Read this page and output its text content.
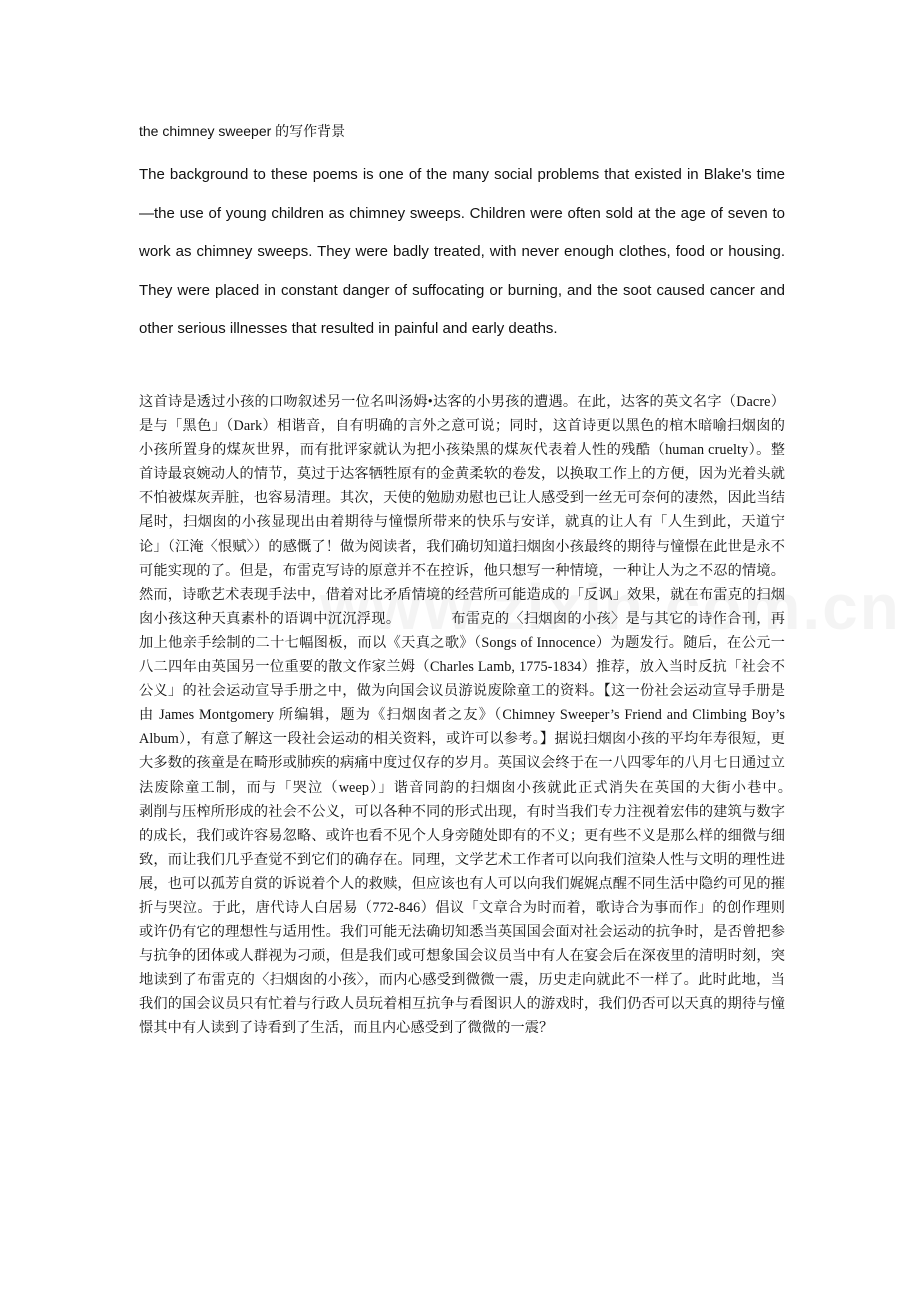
the chimney sweeper 的写作背景

The background to these poems is one of the many social problems that existed in Blake's time—the use of young children as chimney sweeps. Children were often sold at the age of seven to work as chimney sweeps. They were badly treated, with never enough clothes, food or housing. They were placed in constant danger of suffocating or burning, and the soot caused cancer and other serious illnesses that resulted in painful and early deaths.

这首诗是透过小孩的口吻叙述另一位名叫汤姆•达客的小男孩的遭遇。在此，达客的英文名字（Dacre）是与「黑色」（Dark）相谐音，自有明确的言外之意可说；同时，这首诗更以黑色的棺木暗喻扫烟囱的小孩所置身的煤灰世界，而有批评家就认为把小孩染黑的煤灰代表着人性的残酷（human cruelty）。整首诗最哀婉动人的情节，莫过于达客牺牲原有的金黄柔软的卷发，以换取工作上的方便，因为光着头就不怕被煤灰弄脏，也容易清理。其次，天使的勉励劝慰也已让人感受到一丝无可奈何的凄然，因此当结尾时，扫烟囱的小孩显现出由着期待与憧憬所带来的快乐与安详，就真的让人有「人生到此，天道宁论」（江淹〈恨赋〉）的感慨了！做为阅读者，我们确切知道扫烟囱小孩最终的期待与憧憬在此世是永不可能实现的了。但是，布雷克写诗的原意并不在控诉，他只想写一种情境，一种让人为之不忍的情境。然而，诗歌艺术表现手法中，借着对比矛盾情境的经营所可能造成的「反讽」效果，就在布雷克的扫烟囱小孩这种天真素朴的语调中沉沉浮现。　　　　布雷克的〈扫烟囱的小孩〉是与其它的诗作合刊，再加上他亲手绘制的二十七幅图板，而以《天真之歌》（Songs of Innocence）为题发行。随后，在公元一八二四年由英国另一位重要的散文作家兰姆（Charles Lamb, 1775-1834）推荐，放入当时反抗「社会不公义」的社会运动宣导手册之中，做为向国会议员游说废除童工的资料。【这一份社会运动宣导手册是由 James Montgomery 所编辑，题为《扫烟囱者之友》（Chimney Sweeper’s Friend and Climbing Boy’s Album），有意了解这一段社会运动的相关资料，或许可以参考。】据说扫烟囱小孩的平均年寿很短，更大多数的孩童是在畸形或肺疾的病痛中度过仅存的岁月。英国议会终于在一八四零年的八月七日通过立法废除童工制，而与「哭泣（weep）」谐音同韵的扫烟囱小孩就此正式消失在英国的大街小巷中。　　　　　剥削与压榨所形成的社会不公义，可以各种不同的形式出现，有时当我们专力注视着宏伟的建筑与数字的成长，我们或许容易忽略、或许也看不见个人身旁随处即有的不义；更有些不义是那么样的细微与细致，而让我们几乎查觉不到它们的确存在。同理，文学艺术工作者可以向我们渲染人性与文明的理性进展，也可以孤芳自赏的诉说着个人的救赎，但应该也有人可以向我们娓娓点醒不同生活中隐约可见的摧折与哭泣。于此，唐代诗人白居易（772-846）倡议「文章合为时而着，歌诗合为事而作」的创作理则或许仍有它的理想性与适用性。我们可能无法确切知悉当英国国会面对社会运动的抗争时，是否曾把参与抗争的团体或人群视为刁顽，但是我们或可想象国会议员当中有人在宴会后在深夜里的清明时刻，突地读到了布雷克的〈扫烟囱的小孩〉，而内心感受到微微一震，历史走向就此不一样了。此时此地，当我们的国会议员只有忙着与行政人员玩着相互抗争与看图识人的游戏时，我们仍否可以天真的期待与憧憬其中有人读到了诗看到了生活，而且内心感受到了微微的一震？
